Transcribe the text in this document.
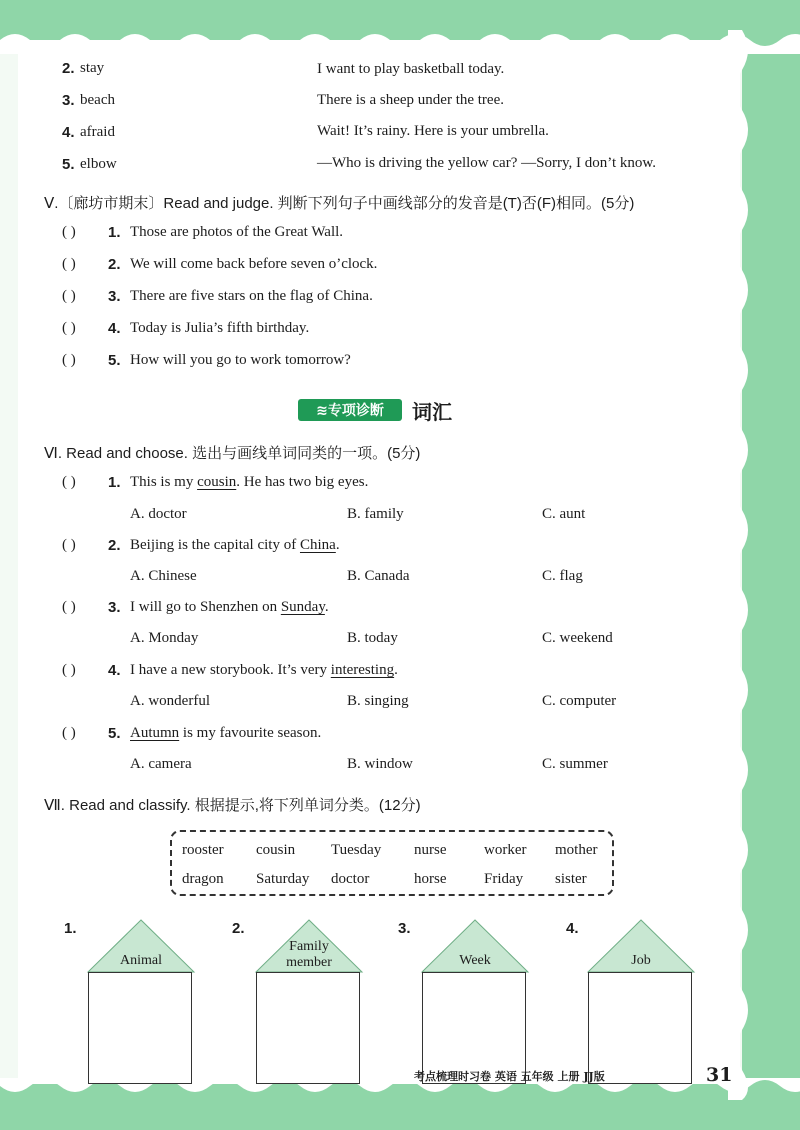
2. stay	I want to play basketball today.
3. beach	There is a sheep under the tree.
4. afraid	Wait! It’s rainy. Here is your umbrella.
5. elbow	—Who is driving the yellow car? —Sorry, I don’t know.
Ⅴ.〔廊坊市期末〕Read and judge. 判断下列句子中画线部分的发音是(T)否(F)相同。(5分)
( ) 1. Those are photos of the Great Wall.
( ) 2. We will come back before seven o’clock.
( ) 3. There are five stars on the flag of China.
( ) 4. Today is Julia’s fifth birthday.
( ) 5. How will you go to work tomorrow?
≋专项诊断	词汇
Ⅵ. Read and choose. 选出与画线单词同类的一项。(5分)
( ) 1. This is my cousin. He has two big eyes.
A. doctor	B. family	C. aunt
( ) 2. Beijing is the capital city of China.
A. Chinese	B. Canada	C. flag
( ) 3. I will go to Shenzhen on Sunday.
A. Monday	B. today	C. weekend
( ) 4. I have a new storybook. It’s very interesting.
A. wonderful	B. singing	C. computer
( ) 5. Autumn is my favourite season.
A. camera	B. window	C. summer
Ⅶ. Read and classify. 根据提示,将下列单词分类。(12分)
rooster cousin Tuesday nurse	worker mother
dragon Saturday doctor	horse	Friday sister
1.
Animal
2.
Family member
3.
Week
4.
Job
考点梳理时习卷 英语 五年级 上册 JJ版	31
